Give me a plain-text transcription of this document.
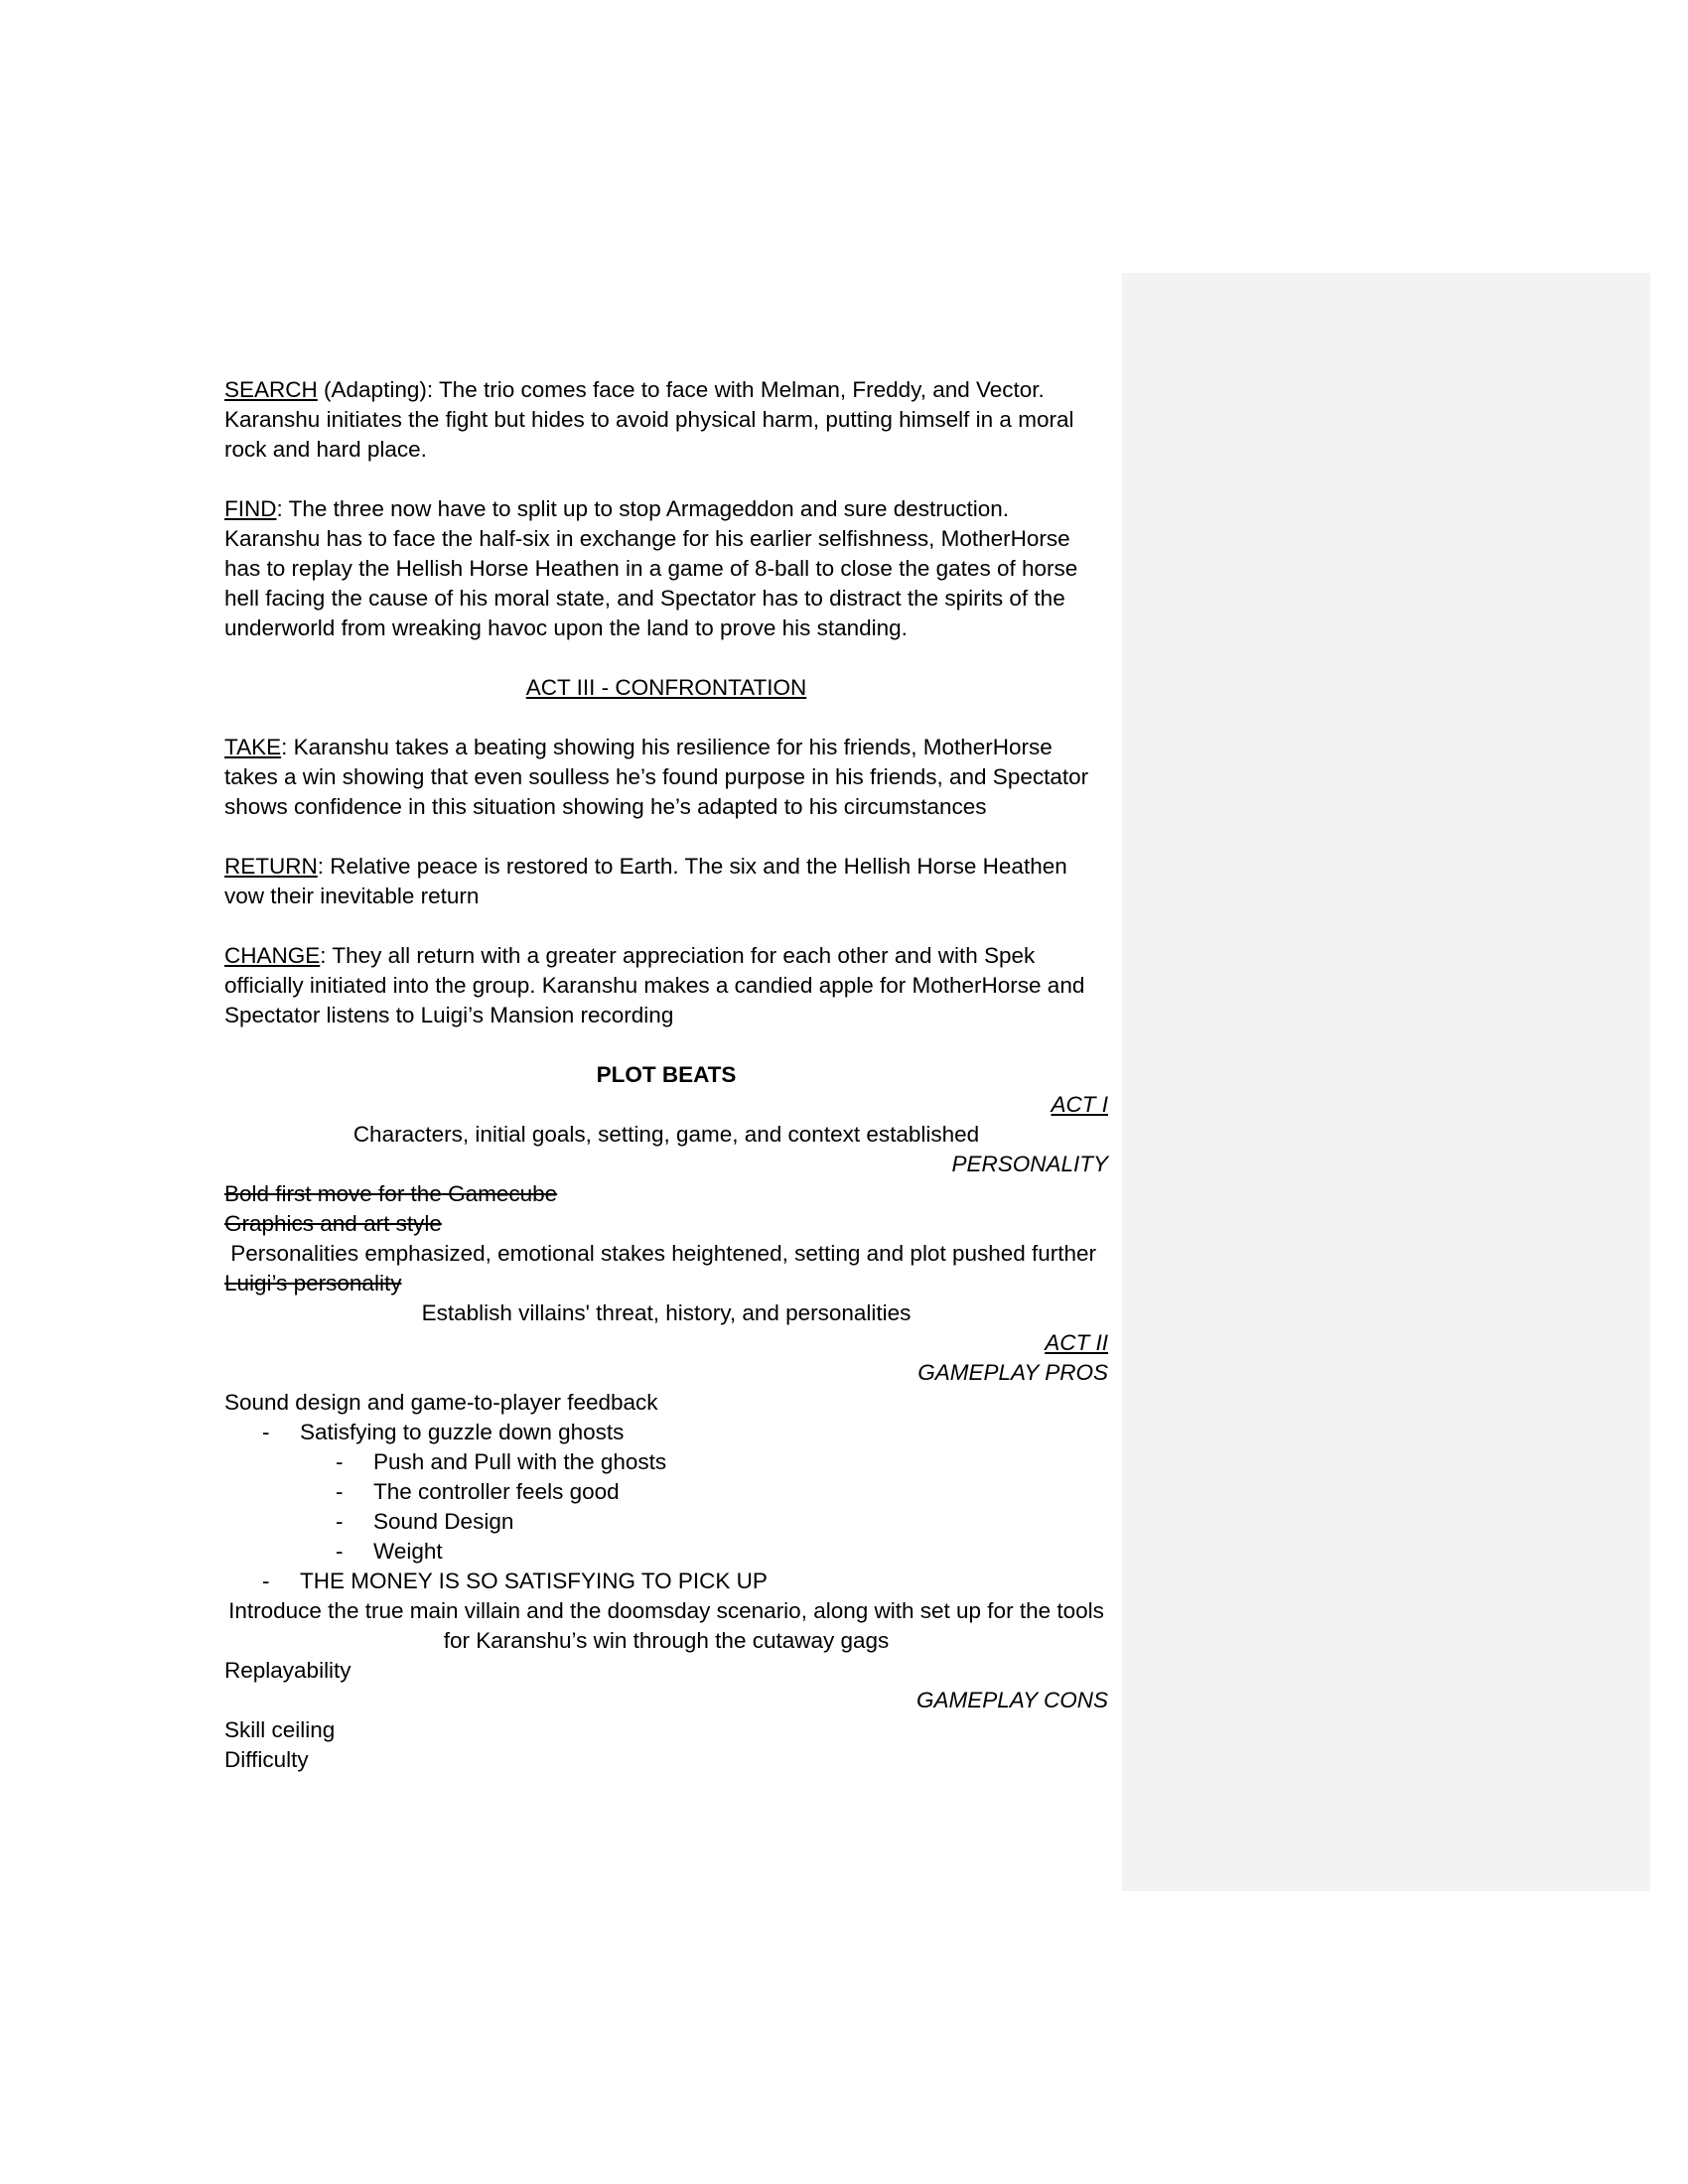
SEARCH (Adapting): The trio comes face to face with Melman, Freddy, and Vector. Karanshu initiates the fight but hides to avoid physical harm, putting himself in a moral rock and hard place.

FIND: The three now have to split up to stop Armageddon and sure destruction. Karanshu has to face the half-six in exchange for his earlier selfishness, MotherHorse has to replay the Hellish Horse Heathen in a game of 8-ball to close the gates of horse hell facing the cause of his moral state, and Spectator has to distract the spirits of the underworld from wreaking havoc upon the land to prove his standing.

ACT III - CONFRONTATION

TAKE: Karanshu takes a beating showing his resilience for his friends, MotherHorse takes a win showing that even soulless he’s found purpose in his friends, and Spectator shows confidence in this situation showing he’s adapted to his circumstances

RETURN: Relative peace is restored to Earth. The six and the Hellish Horse Heathen vow their inevitable return

CHANGE: They all return with a greater appreciation for each other and with Spek officially initiated into the group. Karanshu makes a candied apple for MotherHorse and Spectator listens to Luigi’s Mansion recording

PLOT BEATS

ACT I

Characters, initial goals, setting, game, and context established

PERSONALITY

Bold first move for the Gamecube

Graphics and art style

Personalities emphasized, emotional stakes heightened, setting and plot pushed further

Luigi’s personality

Establish villains' threat, history, and personalities

ACT II

GAMEPLAY PROS

Sound design and game-to-player feedback

-	Satisfying to guzzle down ghosts
-	Push and Pull with the ghosts
-	The controller feels good
-	Sound Design
-	Weight
-	THE MONEY IS SO SATISFYING TO PICK UP

Introduce the true main villain and the doomsday scenario, along with set up for the tools for Karanshu’s win through the cutaway gags

Replayability

GAMEPLAY CONS

Skill ceiling

Difficulty
